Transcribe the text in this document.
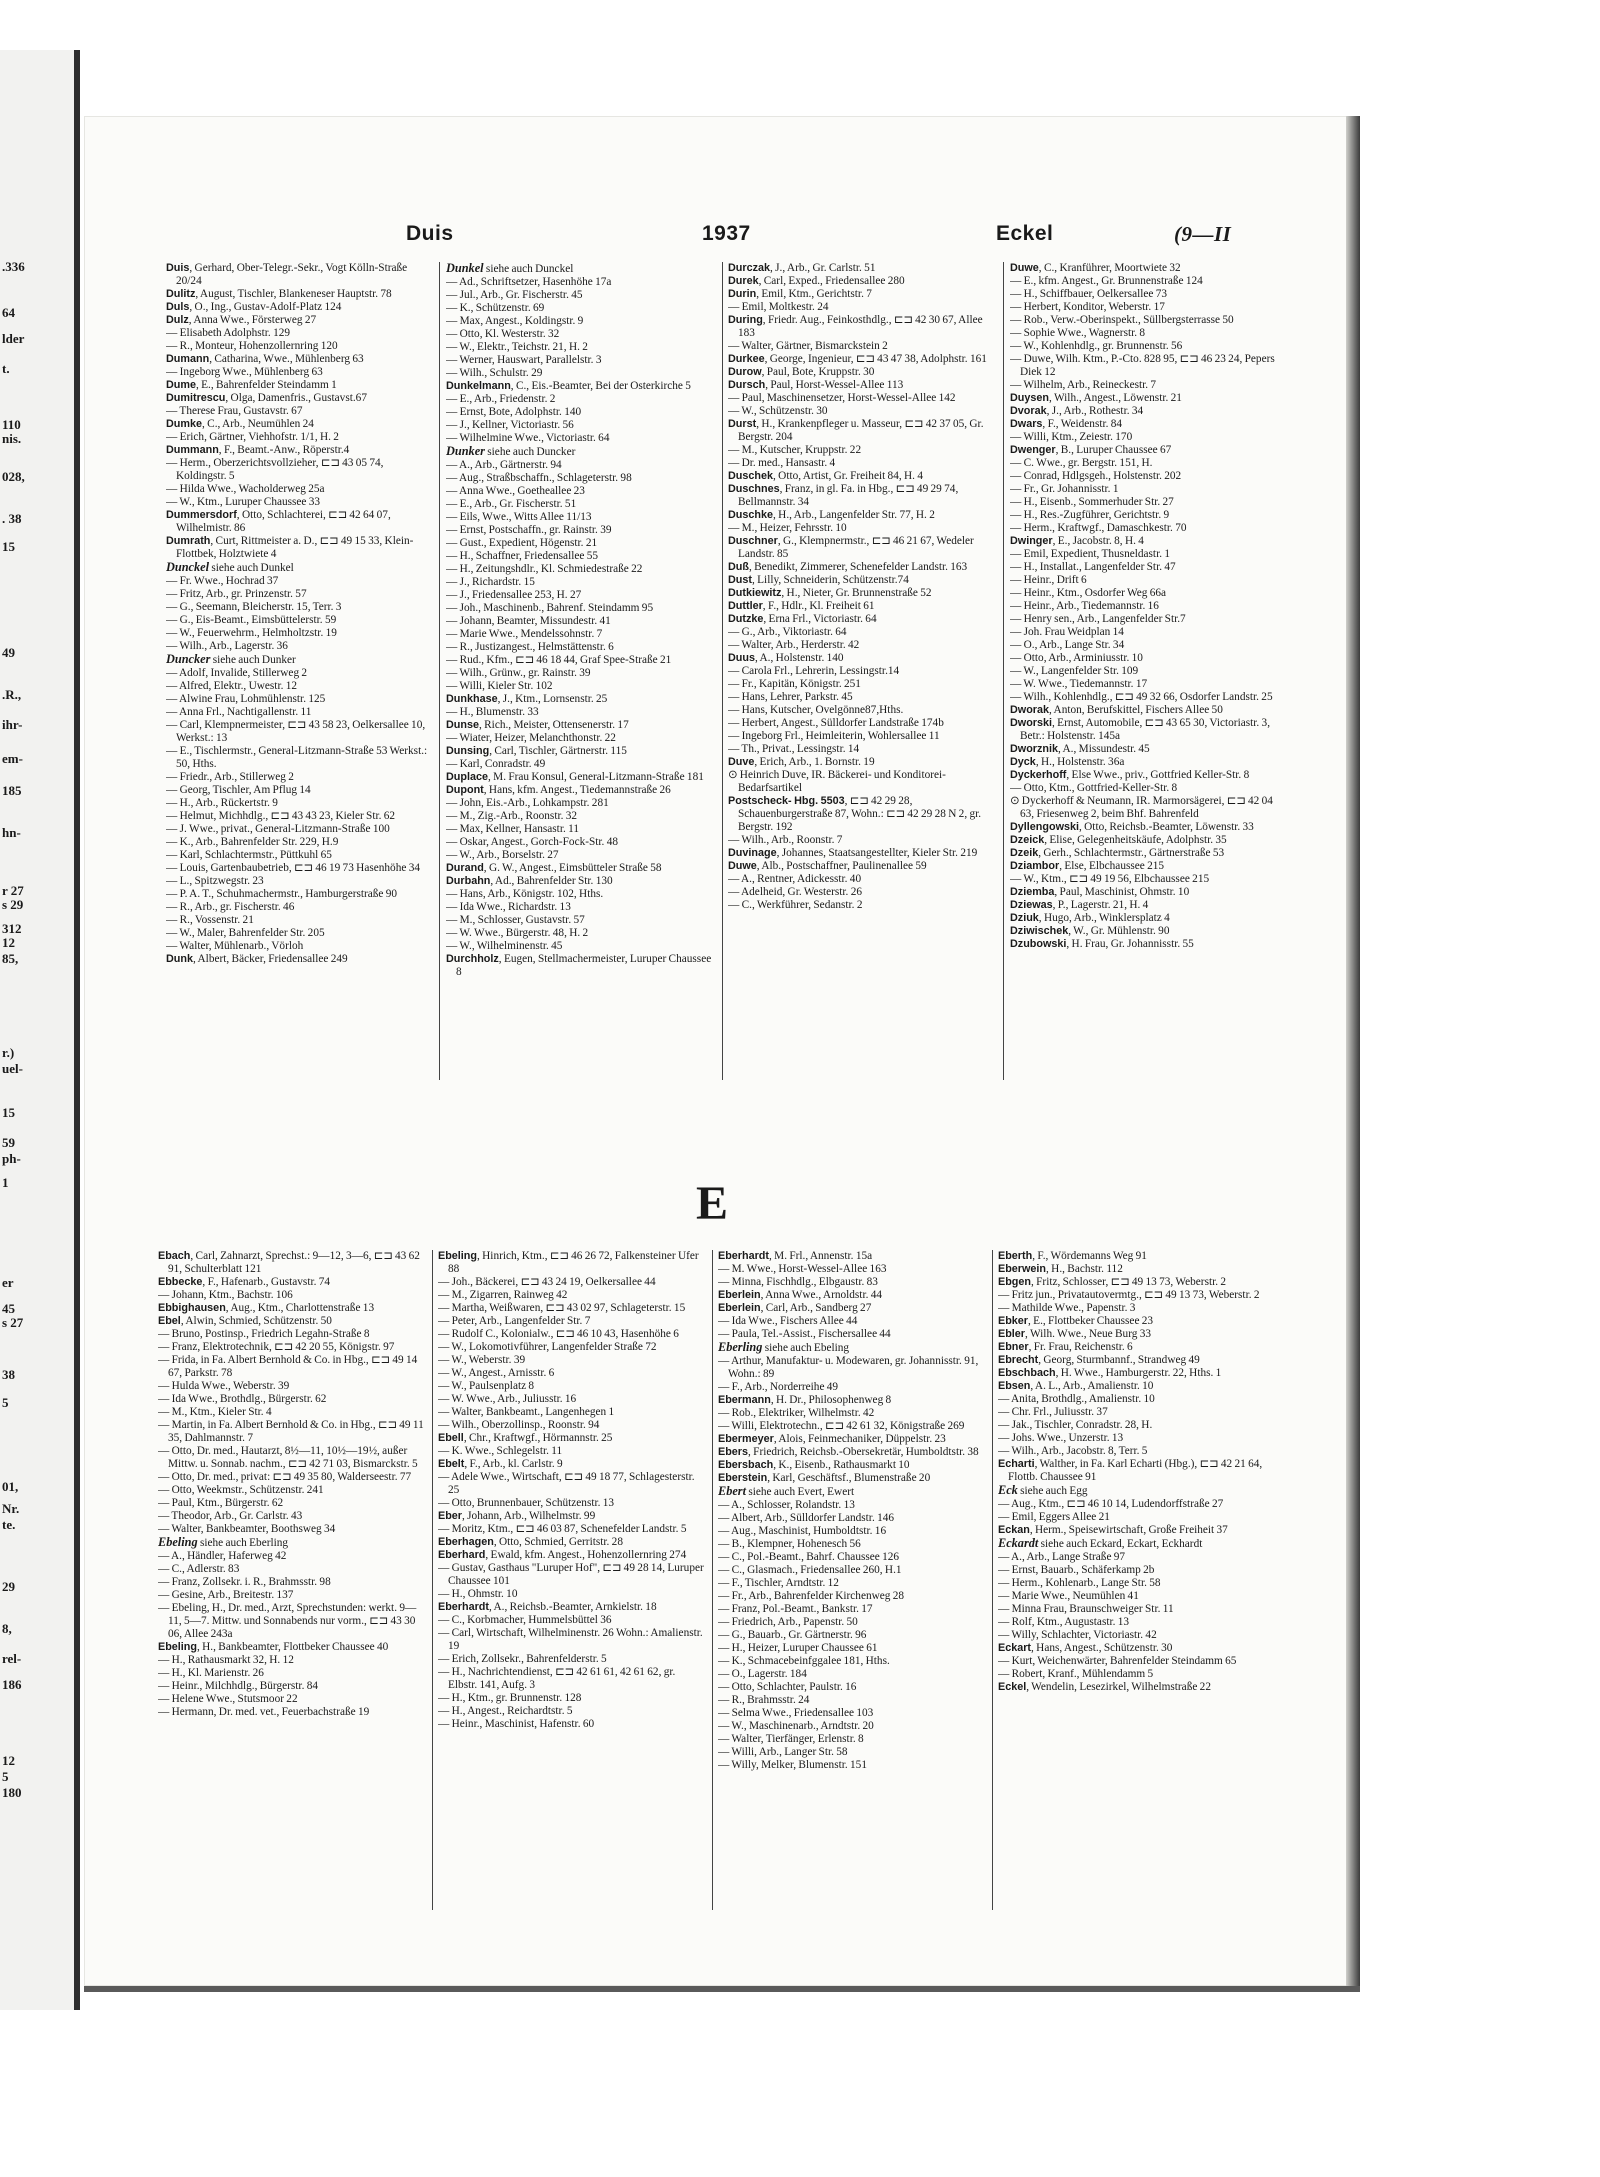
.336
64
lder
t.
110
nis.
028,
. 38
15
49
.R.,
ihr-
em-
185
hn-
r 27
s 29
312
12
85,
r.)
uel-
15
59
ph-
1
er
45
s 27
38
5
01,
Nr.
te.
29
8,
rel-
186
12
5
180
Duis	1937	Eckel	(9—II

Duis, Gerhard, Ober-Telegr.-Sekr., Vogt Kölln-Straße 20/24

Dulitz, August, Tischler, Blankeneser Hauptstr. 78

Duls, O., Ing., Gustav-Adolf-Platz 124

Dulz, Anna Wwe., Försterweg 27

— Elisabeth Adolphstr. 129

— R., Monteur, Hohenzollernring 120

Dumann, Catharina, Wwe., Mühlenberg 63

— Ingeborg Wwe., Mühlenberg 63

Dume, E., Bahrenfelder Steindamm 1

Dumitrescu, Olga, Damenfris., Gustavst.67

— Therese Frau, Gustavstr. 67

Dumke, C., Arb., Neumühlen 24

— Erich, Gärtner, Viehhofstr. 1/1, H. 2

Dummann, F., Beamt.-Anw., Röperstr.4

— Herm., Oberzerichtsvollzieher, ⊏⊐ 43 05 74, Koldingstr. 5

— Hilda Wwe., Wacholderweg 25a

— W., Ktm., Luruper Chaussee 33

Dummersdorf, Otto, Schlachterei, ⊏⊐ 42 64 07, Wilhelmistr. 86

Dumrath, Curt, Rittmeister a. D., ⊏⊐ 49 15 33, Klein-Flottbek, Holztwiete 4

Dunckel siehe auch Dunkel

— Fr. Wwe., Hochrad 37

— Fritz, Arb., gr. Prinzenstr. 57

— G., Seemann, Bleicherstr. 15, Terr. 3

— G., Eis-Beamt., Eimsbüttelerstr. 59

— W., Feuerwehrm., Helmholtzstr. 19

— Wilh., Arb., Lagerstr. 36

Duncker siehe auch Dunker

— Adolf, Invalide, Stillerweg 2

— Alfred, Elektr., Uwestr. 12

— Alwine Frau, Lohmühlenstr. 125

— Anna Frl., Nachtigallenstr. 11

— Carl, Klempnermeister, ⊏⊐ 43 58 23, Oelkersallee 10, Werkst.: 13

— E., Tischlermstr., General-Litzmann-Straße 53 Werkst.: 50, Hths.

— Friedr., Arb., Stillerweg 2

— Georg, Tischler, Am Pflug 14

— H., Arb., Rückertstr. 9

— Helmut, Michhdlg., ⊏⊐ 43 43 23, Kieler Str. 62

— J. Wwe., privat., General-Litzmann-Straße 100

— K., Arb., Bahrenfelder Str. 229, H.9

— Karl, Schlachtermstr., Püttkuhl 65

— Louis, Gartenbaubetrieb, ⊏⊐ 46 19 73 Hasenhöhe 34

— L., Spitzwegstr. 23

— P. A. T., Schuhmachermstr., Hamburgerstraße 90

— R., Arb., gr. Fischerstr. 46

— R., Vossenstr. 21

— W., Maler, Bahrenfelder Str. 205

— Walter, Mühlenarb., Vörloh

Dunk, Albert, Bäcker, Friedensallee 249

Dunkel siehe auch Dunckel

— Ad., Schriftsetzer, Hasenhöhe 17a

— Jul., Arb., Gr. Fischerstr. 45

— K., Schützenstr. 69

— Max, Angest., Koldingstr. 9

— Otto, Kl. Westerstr. 32

— W., Elektr., Teichstr. 21, H. 2

— Werner, Hauswart, Parallelstr. 3

— Wilh., Schulstr. 29

Dunkelmann, C., Eis.-Beamter, Bei der Osterkirche 5

— E., Arb., Friedenstr. 2

— Ernst, Bote, Adolphstr. 140

— J., Kellner, Victoriastr. 56

— Wilhelmine Wwe., Victoriastr. 64

Dunker siehe auch Duncker

— A., Arb., Gärtnerstr. 94

— Aug., Straßbschaffn., Schlageterstr. 98

— Anna Wwe., Goetheallee 23

— E., Arb., Gr. Fischerstr. 51

— Eils, Wwe., Witts Allee 11/13

— Ernst, Postschaffn., gr. Rainstr. 39

— Gust., Expedient, Högenstr. 21

— H., Schaffner, Friedensallee 55

— H., Zeitungshdlr., Kl. Schmiedestraße 22

— J., Richardstr. 15

— J., Friedensallee 253, H. 27

— Joh., Maschinenb., Bahrenf. Steindamm 95

— Johann, Beamter, Missundestr. 41

— Marie Wwe., Mendelssohnstr. 7

— R., Justizangest., Helmstättenstr. 6

— Rud., Kfm., ⊏⊐ 46 18 44, Graf Spee-Straße 21

— Wilh., Grünw., gr. Rainstr. 39

— Willi, Kieler Str. 102

Dunkhase, J., Ktm., Lornsenstr. 25

— H., Blumenstr. 33

Dunse, Rich., Meister, Ottensenerstr. 17

— Wiater, Heizer, Melanchthonstr. 22

Dunsing, Carl, Tischler, Gärtnerstr. 115

— Karl, Conradstr. 49

Duplace, M. Frau Konsul, General-Litzmann-Straße 181

Dupont, Hans, kfm. Angest., Tiedemannstraße 26

— John, Eis.-Arb., Lohkampstr. 281

— M., Zig.-Arb., Roonstr. 32

— Max, Kellner, Hansastr. 11

— Oskar, Angest., Gorch-Fock-Str. 48

— W., Arb., Borselstr. 27

Durand, G. W., Angest., Eimsbütteler Straße 58

Durbahn, Ad., Bahrenfelder Str. 130

— Hans, Arb., Königstr. 102, Hths.

— Ida Wwe., Richardstr. 13

— M., Schlosser, Gustavstr. 57

— W. Wwe., Bürgerstr. 48, H. 2

— W., Wilhelminenstr. 45

Durchholz, Eugen, Stellmachermeister, Luruper Chaussee 8

Durczak, J., Arb., Gr. Carlstr. 51

Durek, Carl, Exped., Friedensallee 280

Durin, Emil, Ktm., Gerichtstr. 7

— Emil, Moltkestr. 24

During, Friedr. Aug., Feinkosthdlg., ⊏⊐ 42 30 67, Allee 183

— Walter, Gärtner, Bismarckstein 2

Durkee, George, Ingenieur, ⊏⊐ 43 47 38, Adolphstr. 161

Durow, Paul, Bote, Kruppstr. 30

Dursch, Paul, Horst-Wessel-Allee 113

— Paul, Maschinensetzer, Horst-Wessel-Allee 142

— W., Schützenstr. 30

Durst, H., Krankenpfleger u. Masseur, ⊏⊐ 42 37 05, Gr. Bergstr. 204

— M., Kutscher, Kruppstr. 22

— Dr. med., Hansastr. 4

Duschek, Otto, Artist, Gr. Freiheit 84, H. 4

Duschnes, Franz, in gl. Fa. in Hbg., ⊏⊐ 49 29 74, Bellmannstr. 34

Duschke, H., Arb., Langenfelder Str. 77, H. 2

— M., Heizer, Fehrsstr. 10

Duschner, G., Klempnermstr., ⊏⊐ 46 21 67, Wedeler Landstr. 85

Duß, Benedikt, Zimmerer, Schenefelder Landstr. 163

Dust, Lilly, Schneiderin, Schützenstr.74

Dutkiewitz, H., Nieter, Gr. Brunnenstraße 52

Duttler, F., Hdlr., Kl. Freiheit 61

Dutzke, Erna Frl., Victoriastr. 64

— G., Arb., Viktoriastr. 64

— Walter, Arb., Herderstr. 42

Duus, A., Holstenstr. 140

— Carola Frl., Lehrerin, Lessingstr.14

— Fr., Kapitän, Königstr. 251

— Hans, Lehrer, Parkstr. 45

— Hans, Kutscher, Ovelgönne87,Hths.

— Herbert, Angest., Sülldorfer Landstraße 174b

— Ingeborg Frl., Heimleiterin, Wohlersallee 11

— Th., Privat., Lessingstr. 14

Duve, Erich, Arb., 1. Bornstr. 19

⊙ Heinrich Duve, IR. Bäckerei- und Konditorei-Bedarfsartikel

Postscheck- Hbg. 5503, ⊏⊐ 42 29 28, Schauenburgerstraße 87, Wohn.: ⊏⊐ 42 29 28 N 2, gr. Bergstr. 192

— Wilh., Arb., Roonstr. 7

Duvinage, Johannes, Staatsangestellter, Kieler Str. 219

Duwe, Alb., Postschaffner, Paulinenallee 59

— A., Rentner, Adickesstr. 40

— Adelheid, Gr. Westerstr. 26

— C., Werkführer, Sedanstr. 2

Duwe, C., Kranführer, Moortwiete 32

— E., kfm. Angest., Gr. Brunnenstraße 124

— H., Schiffbauer, Oelkersallee 73

— Herbert, Konditor, Weberstr. 17

— Rob., Verw.-Oberinspekt., Süllbergsterrasse 50

— Sophie Wwe., Wagnerstr. 8

— W., Kohlenhdlg., gr. Brunnenstr. 56

— Duwe, Wilh. Ktm., P.-Cto. 828 95, ⊏⊐ 46 23 24, Pepers Diek 12

— Wilhelm, Arb., Reineckestr. 7

Duysen, Wilh., Angest., Löwenstr. 21

Dvorak, J., Arb., Rothestr. 34

Dwars, F., Weidenstr. 84

— Willi, Ktm., Zeiestr. 170

Dwenger, B., Luruper Chaussee 67

— C. Wwe., gr. Bergstr. 151, H.

— Conrad, Hdlgsgeh., Holstenstr. 202

— Fr., Gr. Johannisstr. 1

— H., Eisenb., Sommerhuder Str. 27

— H., Res.-Zugführer, Gerichtstr. 9

— Herm., Kraftwgf., Damaschkestr. 70

Dwinger, E., Jacobstr. 8, H. 4

— Emil, Expedient, Thusneldastr. 1

— H., Installat., Langenfelder Str. 47

— Heinr., Drift 6

— Heinr., Ktm., Osdorfer Weg 66a

— Heinr., Arb., Tiedemannstr. 16

— Henry sen., Arb., Langenfelder Str.7

— Joh. Frau Weidplan 14

— O., Arb., Lange Str. 34

— Otto, Arb., Arminiusstr. 10

— W., Langenfelder Str. 109

— W. Wwe., Tiedemannstr. 17

— Wilh., Kohlenhdlg., ⊏⊐ 49 32 66, Osdorfer Landstr. 25

Dworak, Anton, Berufskittel, Fischers Allee 50

Dworski, Ernst, Automobile, ⊏⊐ 43 65 30, Victoriastr. 3, Betr.: Holstenstr. 145a

Dworznik, A., Missundestr. 45

Dyck, H., Holstenstr. 36a

Dyckerhoff, Else Wwe., priv., Gottfried Keller-Str. 8

— Otto, Ktm., Gottfried-Keller-Str. 8

⊙ Dyckerhoff & Neumann, IR. Marmorsägerei, ⊏⊐ 42 04 63, Friesenweg 2, beim Bhf. Bahrenfeld

Dyllengowski, Otto, Reichsb.-Beamter, Löwenstr. 33

Dzeick, Elise, Gelegenheitskäufe, Adolphstr. 35

Dzeik, Gerh., Schlachtermstr., Gärtnerstraße 53

Dziambor, Else, Elbchaussee 215

— W., Ktm., ⊏⊐ 49 19 56, Elbchaussee 215

Dziemba, Paul, Maschinist, Ohmstr. 10

Dziewas, P., Lagerstr. 21, H. 4

Dziuk, Hugo, Arb., Winklersplatz 4

Dziwischek, W., Gr. Mühlenstr. 90

Dzubowski, H. Frau, Gr. Johannisstr. 55

E

Ebach, Carl, Zahnarzt, Sprechst.: 9—12, 3—6, ⊏⊐ 43 62 91, Schulterblatt 121

Ebbecke, F., Hafenarb., Gustavstr. 74

— Johann, Ktm., Bachstr. 106

Ebbighausen, Aug., Ktm., Charlottenstraße 13

Ebel, Alwin, Schmied, Schützenstr. 50

— Bruno, Postinsp., Friedrich Legahn-Straße 8

— Franz, Elektrotechnik, ⊏⊐ 42 20 55, Königstr. 97

— Frida, in Fa. Albert Bernhold & Co. in Hbg., ⊏⊐ 49 14 67, Parkstr. 78

— Hulda Wwe., Weberstr. 39

— Ida Wwe., Brothdlg., Bürgerstr. 62

— M., Ktm., Kieler Str. 4

— Martin, in Fa. Albert Bernhold & Co. in Hbg., ⊏⊐ 49 11 35, Dahlmannstr. 7

— Otto, Dr. med., Hautarzt, 8½—11, 10½—19½, außer Mittw. u. Sonnab. nachm., ⊏⊐ 42 71 03, Bismarckstr. 5

— Otto, Dr. med., privat: ⊏⊐ 49 35 80, Walderseestr. 77

— Otto, Weekmstr., Schützenstr. 241

— Paul, Ktm., Bürgerstr. 62

— Theodor, Arb., Gr. Carlstr. 43

— Walter, Bankbeamter, Boothsweg 34

Ebeling siehe auch Eberling

— A., Händler, Haferweg 42

— C., Adlerstr. 83

— Franz, Zollsekr. i. R., Brahmsstr. 98

— Gesine, Arb., Breitestr. 137

— Ebeling, H., Dr. med., Arzt, Sprechstunden: werkt. 9—11, 5—7. Mittw. und Sonnabends nur vorm., ⊏⊐ 43 30 06, Allee 243a

Ebeling, H., Bankbeamter, Flottbeker Chaussee 40

— H., Rathausmarkt 32, H. 12

— H., Kl. Marienstr. 26

— Heinr., Milchhdlg., Bürgerstr. 84

— Helene Wwe., Stutsmoor 22

— Hermann, Dr. med. vet., Feuerbachstraße 19

Ebeling, Hinrich, Ktm., ⊏⊐ 46 26 72, Falkensteiner Ufer 88

— Joh., Bäckerei, ⊏⊐ 43 24 19, Oelkersallee 44

— M., Zigarren, Rainweg 42

— Martha, Weißwaren, ⊏⊐ 43 02 97, Schlageterstr. 15

— Peter, Arb., Langenfelder Str. 7

— Rudolf C., Kolonialw., ⊏⊐ 46 10 43, Hasenhöhe 6

— W., Lokomotivführer, Langenfelder Straße 72

— W., Weberstr. 39

— W., Angest., Arnisstr. 6

— W., Paulsenplatz 8

— W. Wwe., Arb., Juliusstr. 16

— Walter, Bankbeamt., Langenhegen 1

— Wilh., Oberzollinsp., Roonstr. 94

Ebell, Chr., Kraftwgf., Hörmannstr. 25

— K. Wwe., Schlegelstr. 11

Ebelt, F., Arb., kl. Carlstr. 9

— Adele Wwe., Wirtschaft, ⊏⊐ 49 18 77, Schlagesterstr. 25

— Otto, Brunnenbauer, Schützenstr. 13

Eber, Johann, Arb., Wilhelmstr. 99

— Moritz, Ktm., ⊏⊐ 46 03 87, Schenefelder Landstr. 5

Eberhagen, Otto, Schmied, Gerritstr. 28

Eberhard, Ewald, kfm. Angest., Hohenzollernring 274

— Gustav, Gasthaus "Luruper Hof", ⊏⊐ 49 28 14, Luruper Chaussee 101

— H., Ohmstr. 10

Eberhardt, A., Reichsb.-Beamter, Arnkielstr. 18

— C., Korbmacher, Hummelsbüttel 36

— Carl, Wirtschaft, Wilhelminenstr. 26 Wohn.: Amalienstr. 19

— Erich, Zollsekr., Bahrenfelderstr. 5

— H., Nachrichtendienst, ⊏⊐ 42 61 61, 42 61 62, gr. Elbstr. 141, Aufg. 3

— H., Ktm., gr. Brunnenstr. 128

— H., Angest., Reichardtstr. 5

— Heinr., Maschinist, Hafenstr. 60

Eberhardt, M. Frl., Annenstr. 15a

— M. Wwe., Horst-Wessel-Allee 163

— Minna, Fischhdlg., Elbgaustr. 83

Eberlein, Anna Wwe., Arnoldstr. 44

Eberlein, Carl, Arb., Sandberg 27

— Ida Wwe., Fischers Allee 44

— Paula, Tel.-Assist., Fischersallee 44

Eberling siehe auch Ebeling

— Arthur, Manufaktur- u. Modewaren, gr. Johannisstr. 91, Wohn.: 89

— F., Arb., Norderreihe 49

Ebermann, H. Dr., Philosophenweg 8

— Rob., Elektriker, Wilhelmstr. 42

— Willi, Elektrotechn., ⊏⊐ 42 61 32, Königstraße 269

Ebermeyer, Alois, Feinmechaniker, Düppelstr. 23

Ebers, Friedrich, Reichsb.-Obersekretär, Humboldtstr. 38

Ebersbach, K., Eisenb., Rathausmarkt 10

Eberstein, Karl, Geschäftsf., Blumenstraße 20

Ebert siehe auch Evert, Ewert

— A., Schlosser, Rolandstr. 13

— Albert, Arb., Sülldorfer Landstr. 146

— Aug., Maschinist, Humboldtstr. 16

— B., Klempner, Hohenesch 56

— C., Pol.-Beamt., Bahrf. Chaussee 126

— C., Glasmach., Friedensallee 260, H.1

— F., Tischler, Arndtstr. 12

— Fr., Arb., Bahrenfelder Kirchenweg 28

— Franz, Pol.-Beamt., Bankstr. 17

— Friedrich, Arb., Papenstr. 50

— G., Bauarb., Gr. Gärtnerstr. 96

— H., Heizer, Luruper Chaussee 61

— K., Schmacebeinfggalee 181, Hths.

— O., Lagerstr. 184

— Otto, Schlachter, Paulstr. 16

— R., Brahmsstr. 24

— Selma Wwe., Friedensallee 103

— W., Maschinenarb., Arndtstr. 20

— Walter, Tierfänger, Erlenstr. 8

— Willi, Arb., Langer Str. 58

— Willy, Melker, Blumenstr. 151

Eberth, F., Wördemanns Weg 91

Eberwein, H., Bachstr. 112

Ebgen, Fritz, Schlosser, ⊏⊐ 49 13 73, Weberstr. 2

— Fritz jun., Privatautovermtg., ⊏⊐ 49 13 73, Weberstr. 2

— Mathilde Wwe., Papenstr. 3

Ebker, E., Flottbeker Chaussee 23

Ebler, Wilh. Wwe., Neue Burg 33

Ebner, Fr. Frau, Reichenstr. 6

Ebrecht, Georg, Sturmbannf., Strandweg 49

Ebschbach, H. Wwe., Hamburgerstr. 22, Hths. 1

Ebsen, A. L., Arb., Amalienstr. 10

— Anita, Brothdlg., Amalienstr. 10

— Chr. Frl., Juliusstr. 37

— Jak., Tischler, Conradstr. 28, H.

— Johs. Wwe., Unzerstr. 13

— Wilh., Arb., Jacobstr. 8, Terr. 5

Echarti, Walther, in Fa. Karl Echarti (Hbg.), ⊏⊐ 42 21 64, Flottb. Chaussee 91

Eck siehe auch Egg

— Aug., Ktm., ⊏⊐ 46 10 14, Ludendorffstraße 27

— Emil, Eggers Allee 21

Eckan, Herm., Speisewirtschaft, Große Freiheit 37

Eckardt siehe auch Eckard, Eckart, Eckhardt

— A., Arb., Lange Straße 97

— Ernst, Bauarb., Schäferkamp 2b

— Herm., Kohlenarb., Lange Str. 58

— Marie Wwe., Neumühlen 41

— Minna Frau, Braunschweiger Str. 11

— Rolf, Ktm., Augustastr. 13

— Willy, Schlachter, Victoriastr. 42

Eckart, Hans, Angest., Schützenstr. 30

— Kurt, Weichenwärter, Bahrenfelder Steindamm 65

— Robert, Kranf., Mühlendamm 5

Eckel, Wendelin, Lesezirkel, Wilhelmstraße 22
